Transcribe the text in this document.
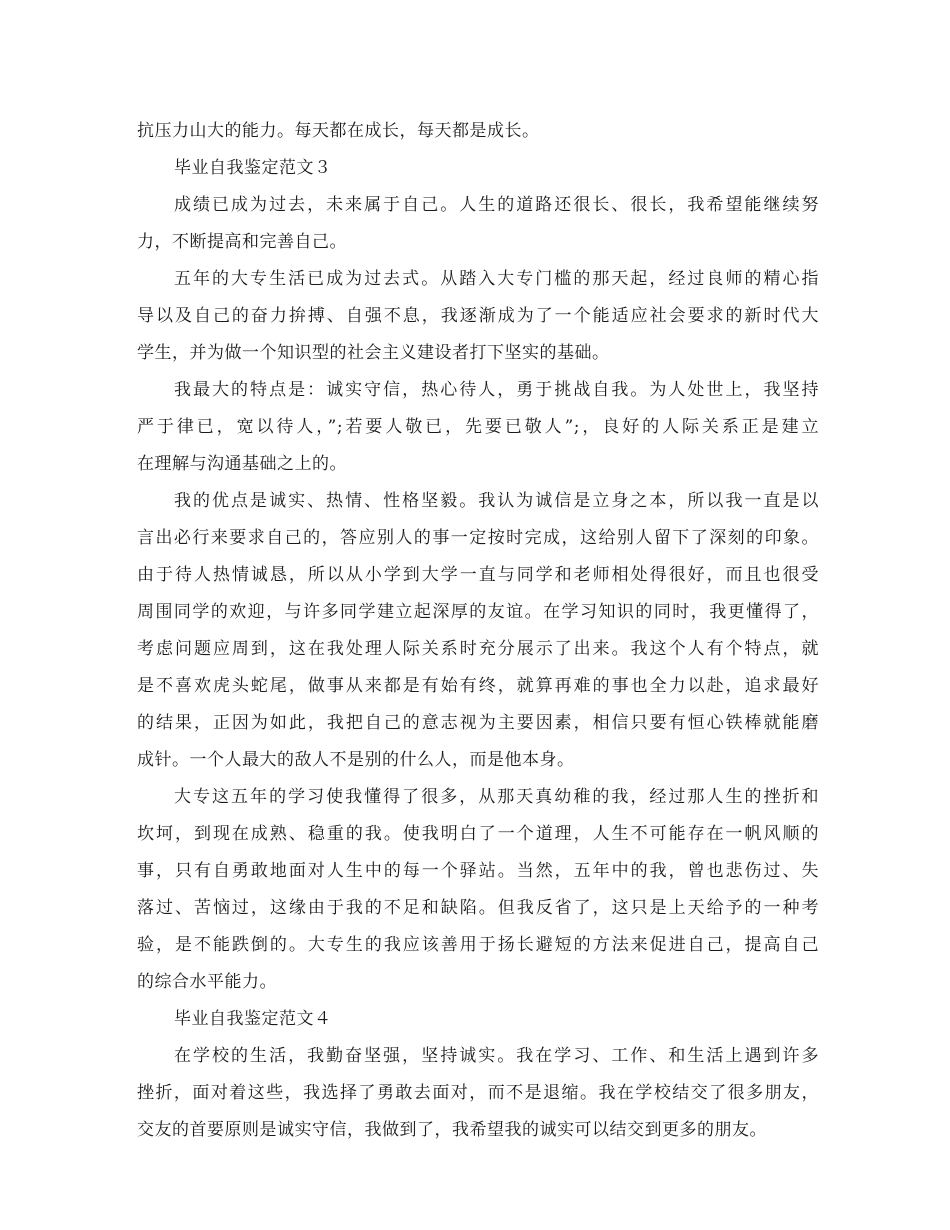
抗压力山大的能力。每天都在成长，每天都是成长。
毕业自我鉴定范文３
成绩已成为过去，未来属于自己。人生的道路还很长、很长，我希望能继续努
力，不断提高和完善自己。
五年的大专生活已成为过去式。从踏入大专门槛的那天起，经过良师的精心指
导以及自己的奋力拚搏、自强不息，我逐渐成为了一个能适应社会要求的新时代大
学生，并为做一个知识型的社会主义建设者打下坚实的基础。
我最大的特点是：诚实守信，热心待人，勇于挑战自我。为人处世上，我坚持
严于律已，宽以待人，”;若要人敬已，先要已敬人”;，良好的人际关系正是建立
在理解与沟通基础之上的。
我的优点是诚实、热情、性格坚毅。我认为诚信是立身之本，所以我一直是以
言出必行来要求自己的，答应别人的事一定按时完成，这给别人留下了深刻的印象。
由于待人热情诚恳，所以从小学到大学一直与同学和老师相处得很好，而且也很受
周围同学的欢迎，与许多同学建立起深厚的友谊。在学习知识的同时，我更懂得了，
考虑问题应周到，这在我处理人际关系时充分展示了出来。我这个人有个特点，就
是不喜欢虎头蛇尾，做事从来都是有始有终，就算再难的事也全力以赴，追求最好
的结果，正因为如此，我把自己的意志视为主要因素，相信只要有恒心铁棒就能磨
成针。一个人最大的敌人不是别的什么人，而是他本身。
大专这五年的学习使我懂得了很多，从那天真幼稚的我，经过那人生的挫折和
坎坷，到现在成熟、稳重的我。使我明白了一个道理，人生不可能存在一帆风顺的
事，只有自勇敢地面对人生中的每一个驿站。当然，五年中的我，曾也悲伤过、失
落过、苦恼过，这缘由于我的不足和缺陷。但我反省了，这只是上天给予的一种考
验，是不能跌倒的。大专生的我应该善用于扬长避短的方法来促进自己，提高自己
的综合水平能力。
毕业自我鉴定范文４
在学校的生活，我勤奋坚强，坚持诚实。我在学习、工作、和生活上遇到许多
挫折，面对着这些，我选择了勇敢去面对，而不是退缩。我在学校结交了很多朋友，
交友的首要原则是诚实守信，我做到了，我希望我的诚实可以结交到更多的朋友。
